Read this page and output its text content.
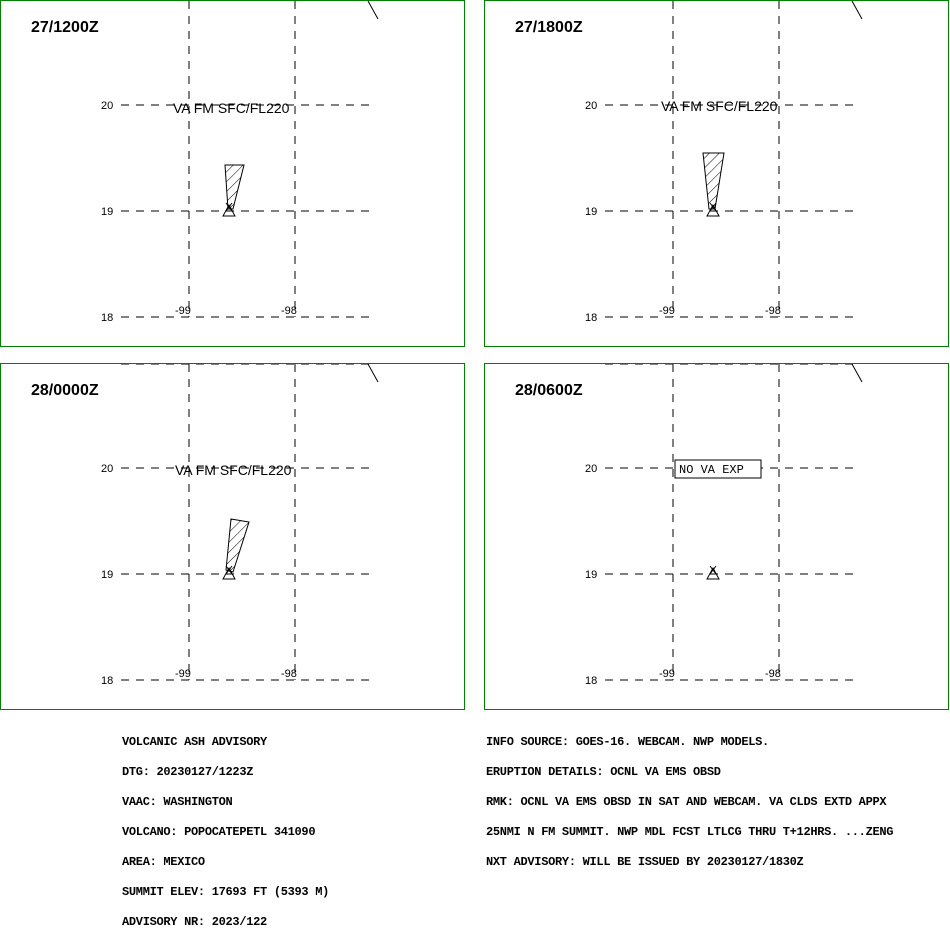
27/1200Z
20
19
18
-99	-98
VA FM SFC/FL220
27/1800Z
20
19
18
-99	-98
VA FM SFC/FL220
28/0000Z
20
19
18
-99	-98
VA FM SFC/FL220
28/0600Z
20
19
18
-99	-98
NO VA EXP

VOLCANIC ASH ADVISORY

DTG: 20230127/1223Z

VAAC: WASHINGTON

VOLCANO: POPOCATEPETL 341090

AREA: MEXICO

SUMMIT ELEV: 17693 FT (5393 M)

ADVISORY NR: 2023/122

INFO SOURCE: GOES-16. WEBCAM. NWP MODELS.

ERUPTION DETAILS: OCNL VA EMS OBSD

RMK: OCNL VA EMS OBSD IN SAT AND WEBCAM. VA CLDS EXTD APPX

25NMI N FM SUMMIT. NWP MDL FCST LTLCG THRU T+12HRS. ...ZENG

NXT ADVISORY: WILL BE ISSUED BY 20230127/1830Z
